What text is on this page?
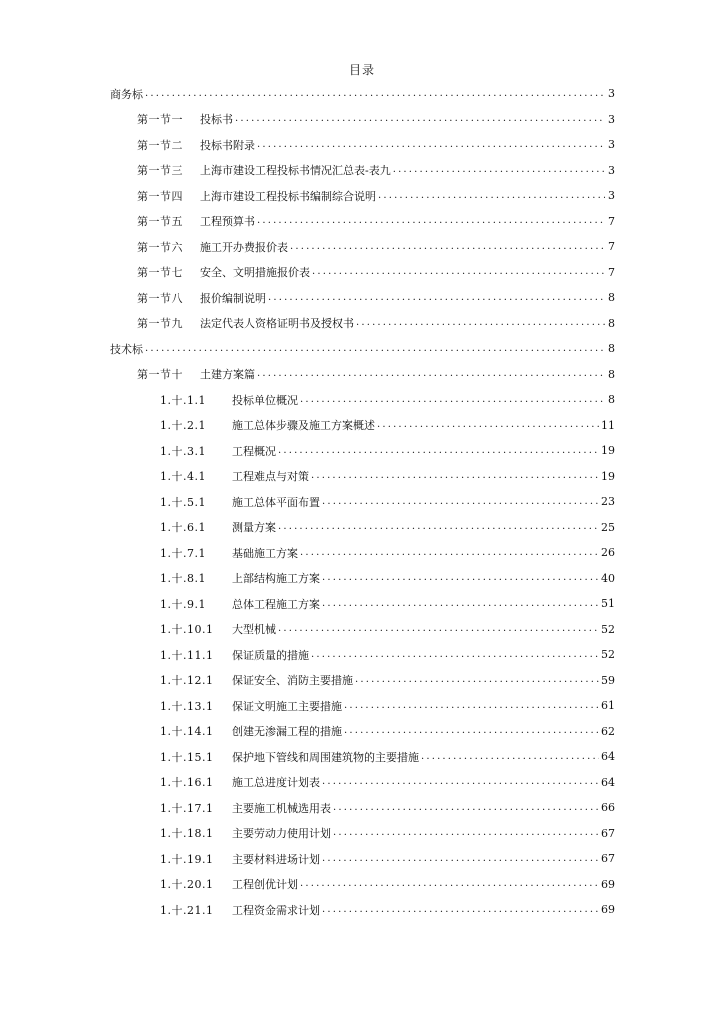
目录
商务标 . . .	3
第一节一	投标书 . . .	3
第一节二	投标书附录 . . .	3
第一节三	上海市建设工程投标书情况汇总表-表九 . . .	3
第一节四	上海市建设工程投标书编制综合说明 . . .	3
第一节五	工程预算书 . . .	7
第一节六	施工开办费报价表 . . .	7
第一节七	安全、文明措施报价表 . . .	7
第一节八	报价编制说明 . . .	8
第一节九	法定代表人资格证明书及授权书 . . .	8
技术标 . . .	8
第一节十	土建方案篇 . . .	8
1.十.1.1	投标单位概况 . . .	8
1.十.2.1	施工总体步骤及施工方案概述 . . .	11
1.十.3.1	工程概况 . . .	19
1.十.4.1	工程难点与对策 . . .	19
1.十.5.1	施工总体平面布置 . . .	23
1.十.6.1	测量方案 . . .	25
1.十.7.1	基础施工方案 . . .	26
1.十.8.1	上部结构施工方案 . . .	40
1.十.9.1	总体工程施工方案 . . .	51
1.十.10.1	大型机械 . . .	52
1.十.11.1	保证质量的措施 . . .	52
1.十.12.1	保证安全、消防主要措施 . . .	59
1.十.13.1	保证文明施工主要措施 . . .	61
1.十.14.1	创建无渗漏工程的措施 . . .	62
1.十.15.1	保护地下管线和周围建筑物的主要措施 . . .	64
1.十.16.1	施工总进度计划表 . . .	64
1.十.17.1	主要施工机械选用表 . . .	66
1.十.18.1	主要劳动力使用计划 . . .	67
1.十.19.1	主要材料进场计划 . . .	67
1.十.20.1	工程创优计划 . . .	69
1.十.21.1	工程资金需求计划 . . .	69
